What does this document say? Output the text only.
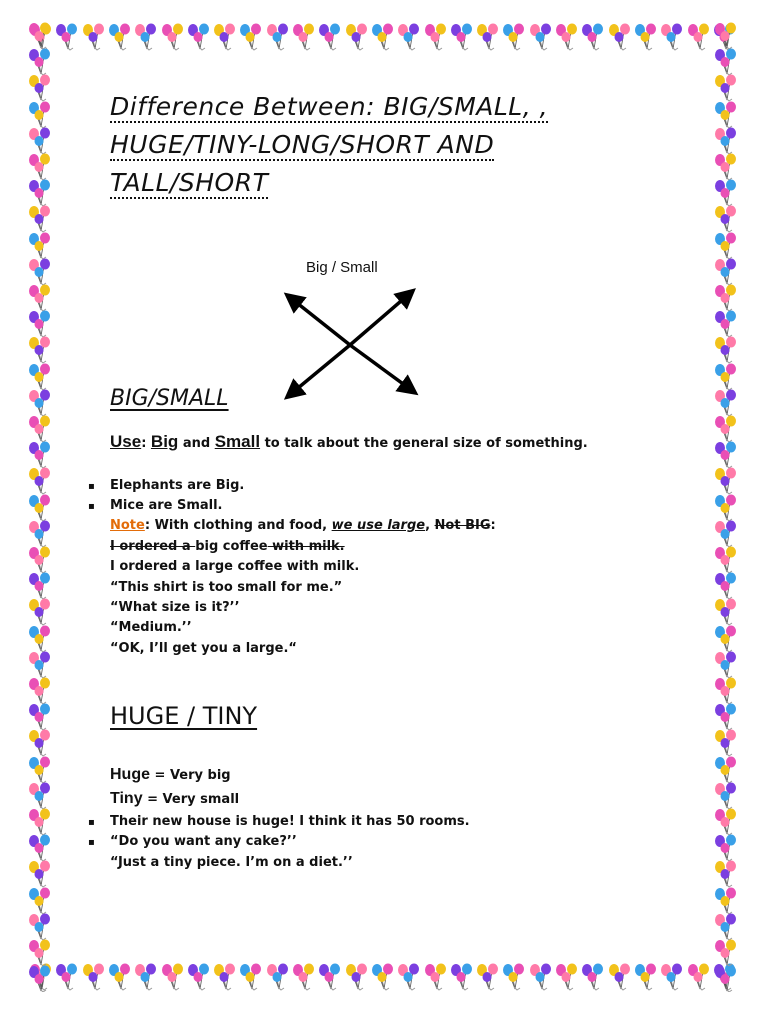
Difference Between: BIG/SMALL, ,
HUGE/TINY-LONG/SHORT AND
TALL/SHORT
Big / Small
BIG/SMALL
Use: Big and Small to talk about the general size of something.
▪ Elephants are Big.
▪ Mice are Small.
Note: With clothing and food, we use large, Not BIG:
I ordered a big coffee with milk.
I ordered a large coffee with milk.
“This shirt is too small for me.”
“What size is it?’’
“Medium.’’
“OK, I’ll get you a large.“
HUGE / TINY
Huge = Very big
Tiny = Very small
▪ Their new house is huge! I think it has 50 rooms.
▪ “Do you want any cake?’’
“Just a tiny piece. I’m on a diet.’’
